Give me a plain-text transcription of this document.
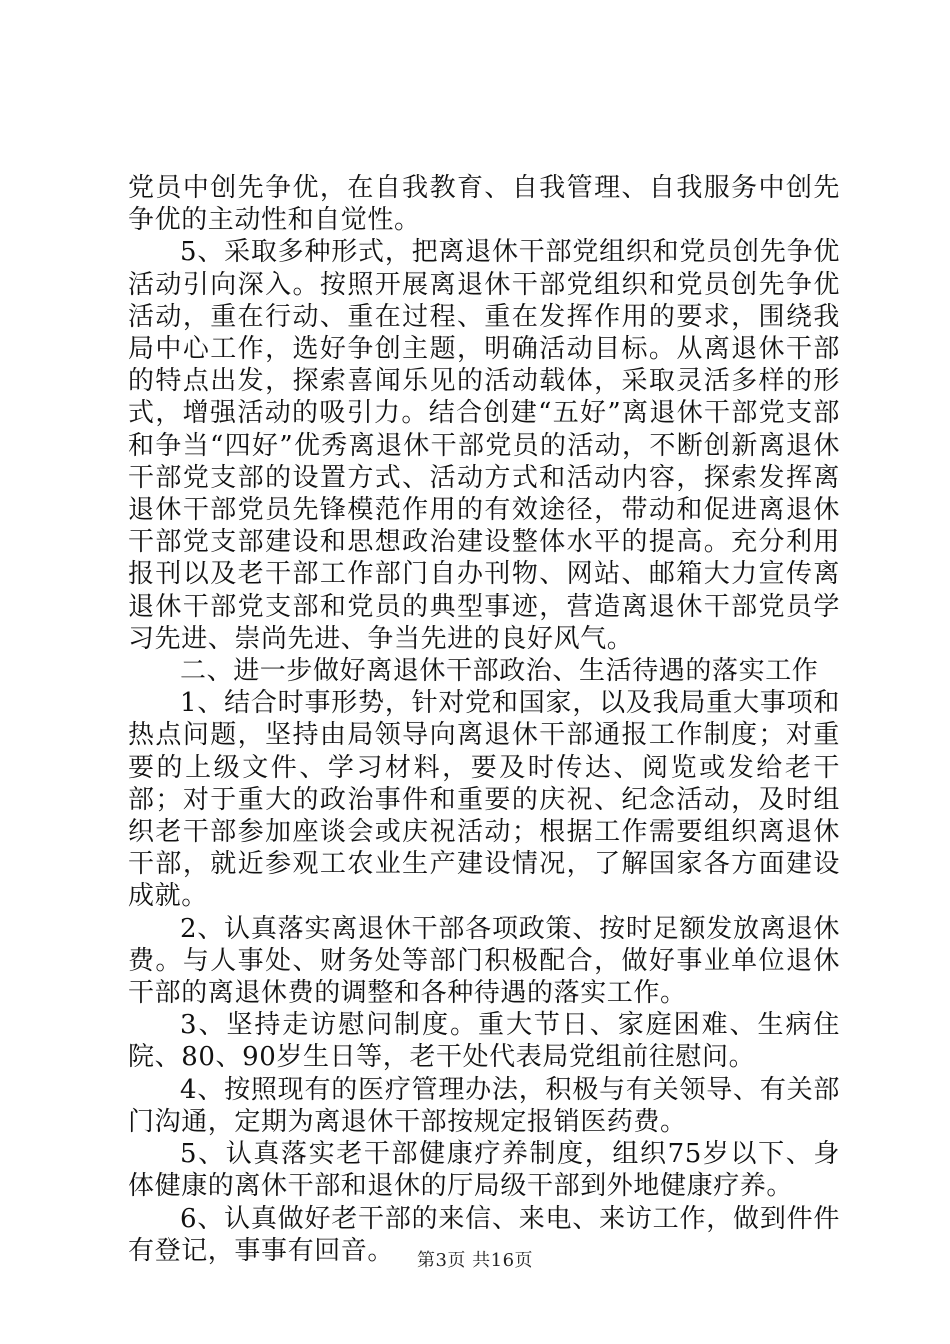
党员中创先争优，在自我教育、自我管理、自我服务中创先争优的主动性和自觉性。

5、采取多种形式，把离退休干部党组织和党员创先争优活动引向深入。按照开展离退休干部党组织和党员创先争优活动，重在行动、重在过程、重在发挥作用的要求，围绕我局中心工作，选好争创主题，明确活动目标。从离退休干部的特点出发，探索喜闻乐见的活动载体，采取灵活多样的形式，增强活动的吸引力。结合创建“五好”离退休干部党支部和争当“四好”优秀离退休干部党员的活动，不断创新离退休干部党支部的设置方式、活动方式和活动内容，探索发挥离退休干部党员先锋模范作用的有效途径，带动和促进离退休干部党支部建设和思想政治建设整体水平的提高。充分利用报刊以及老干部工作部门自办刊物、网站、邮箱大力宣传离退休干部党支部和党员的典型事迹，营造离退休干部党员学习先进、崇尚先进、争当先进的良好风气。

二、进一步做好离退休干部政治、生活待遇的落实工作

1、结合时事形势，针对党和国家，以及我局重大事项和热点问题，坚持由局领导向离退休干部通报工作制度；对重要的上级文件、学习材料，要及时传达、阅览或发给老干部；对于重大的政治事件和重要的庆祝、纪念活动，及时组织老干部参加座谈会或庆祝活动；根据工作需要组织离退休干部，就近参观工农业生产建设情况，了解国家各方面建设成就。

2、认真落实离退休干部各项政策、按时足额发放离退休费。与人事处、财务处等部门积极配合，做好事业单位退休干部的离退休费的调整和各种待遇的落实工作。

3、坚持走访慰问制度。重大节日、家庭困难、生病住院、80、90岁生日等，老干处代表局党组前往慰问。

4、按照现有的医疗管理办法，积极与有关领导、有关部门沟通，定期为离退休干部按规定报销医药费。

5、认真落实老干部健康疗养制度，组织75岁以下、身体健康的离休干部和退休的厅局级干部到外地健康疗养。

6、认真做好老干部的来信、来电、来访工作，做到件件有登记，事事有回音。	第3页 共16页
